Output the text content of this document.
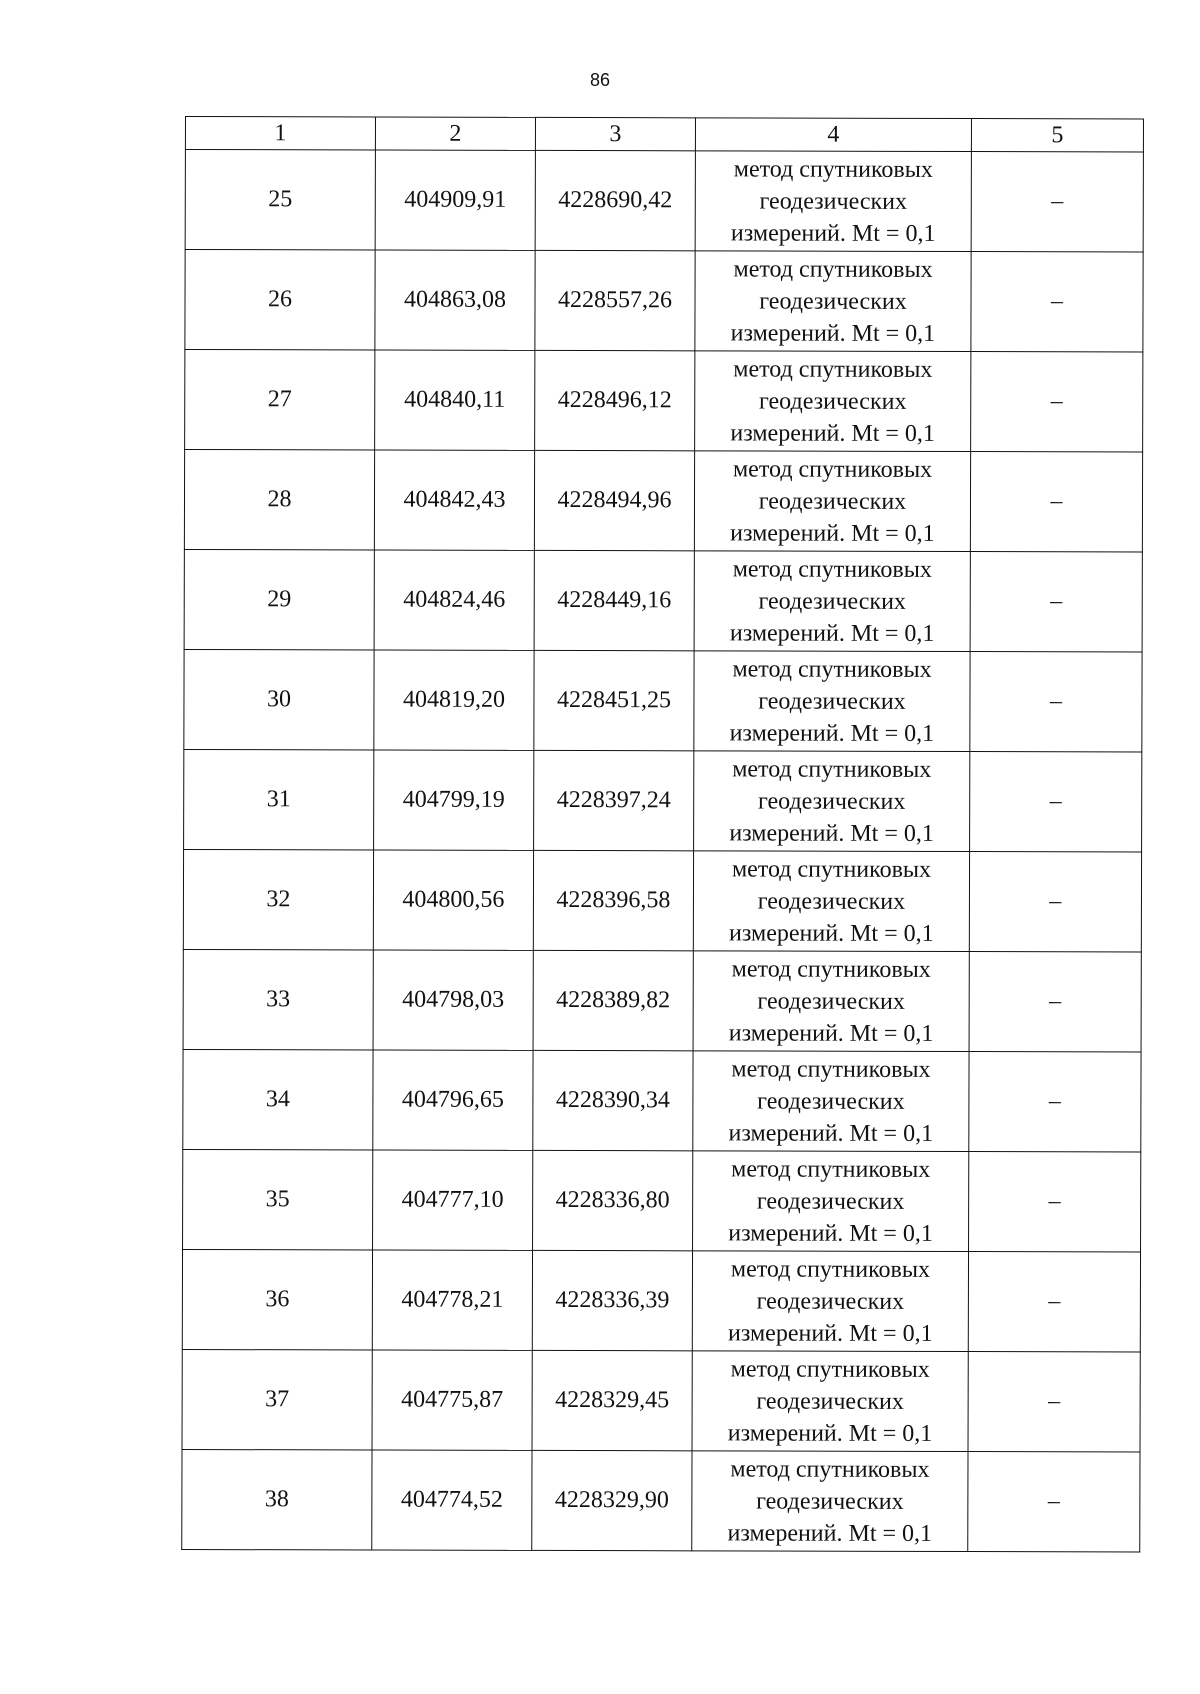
86
1	2	3	4	5
25	404909,91	4228690,42	метод спутниковых
геодезических
измерений. Mt = 0,1	–
26	404863,08	4228557,26	метод спутниковых
геодезических
измерений. Mt = 0,1	–
27	404840,11	4228496,12	метод спутниковых
геодезических
измерений. Mt = 0,1	–
28	404842,43	4228494,96	метод спутниковых
геодезических
измерений. Mt = 0,1	–
29	404824,46	4228449,16	метод спутниковых
геодезических
измерений. Mt = 0,1	–
30	404819,20	4228451,25	метод спутниковых
геодезических
измерений. Mt = 0,1	–
31	404799,19	4228397,24	метод спутниковых
геодезических
измерений. Mt = 0,1	–
32	404800,56	4228396,58	метод спутниковых
геодезических
измерений. Mt = 0,1	–
33	404798,03	4228389,82	метод спутниковых
геодезических
измерений. Mt = 0,1	–
34	404796,65	4228390,34	метод спутниковых
геодезических
измерений. Mt = 0,1	–
35	404777,10	4228336,80	метод спутниковых
геодезических
измерений. Mt = 0,1	–
36	404778,21	4228336,39	метод спутниковых
геодезических
измерений. Mt = 0,1	–
37	404775,87	4228329,45	метод спутниковых
геодезических
измерений. Mt = 0,1	–
38	404774,52	4228329,90	метод спутниковых
геодезических
измерений. Mt = 0,1	–
